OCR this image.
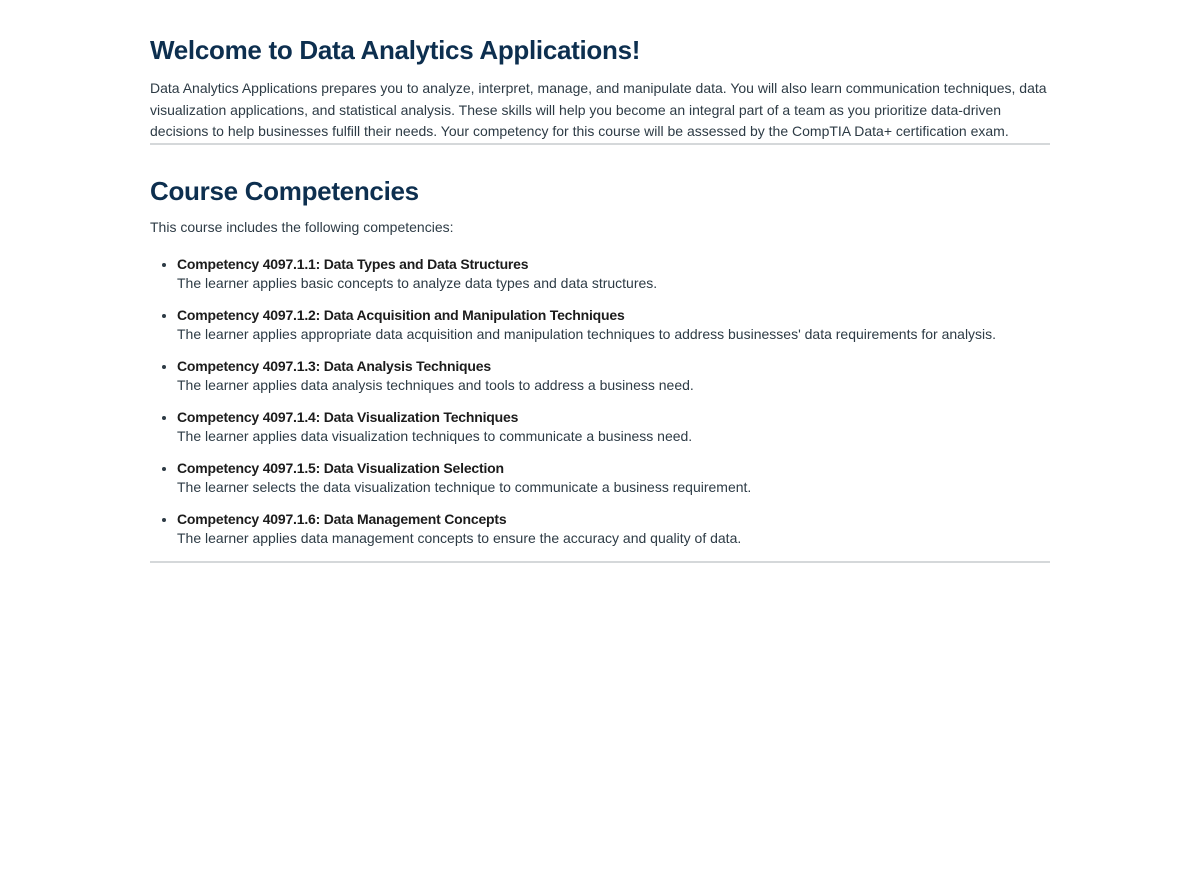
Welcome to Data Analytics Applications!

Data Analytics Applications prepares you to analyze, interpret, manage, and manipulate data. You will also learn communication techniques, data visualization applications, and statistical analysis. These skills will help you become an integral part of a team as you prioritize data-driven decisions to help businesses fulfill their needs. Your competency for this course will be assessed by the CompTIA Data+ certification exam.

Course Competencies

This course includes the following competencies:

• Competency 4097.1.1: Data Types and Data Structures
The learner applies basic concepts to analyze data types and data structures.
• Competency 4097.1.2: Data Acquisition and Manipulation Techniques
The learner applies appropriate data acquisition and manipulation techniques to address businesses' data requirements for analysis.
• Competency 4097.1.3: Data Analysis Techniques
The learner applies data analysis techniques and tools to address a business need.
• Competency 4097.1.4: Data Visualization Techniques
The learner applies data visualization techniques to communicate a business need.
• Competency 4097.1.5: Data Visualization Selection
The learner selects the data visualization technique to communicate a business requirement.
• Competency 4097.1.6: Data Management Concepts
The learner applies data management concepts to ensure the accuracy and quality of data.
